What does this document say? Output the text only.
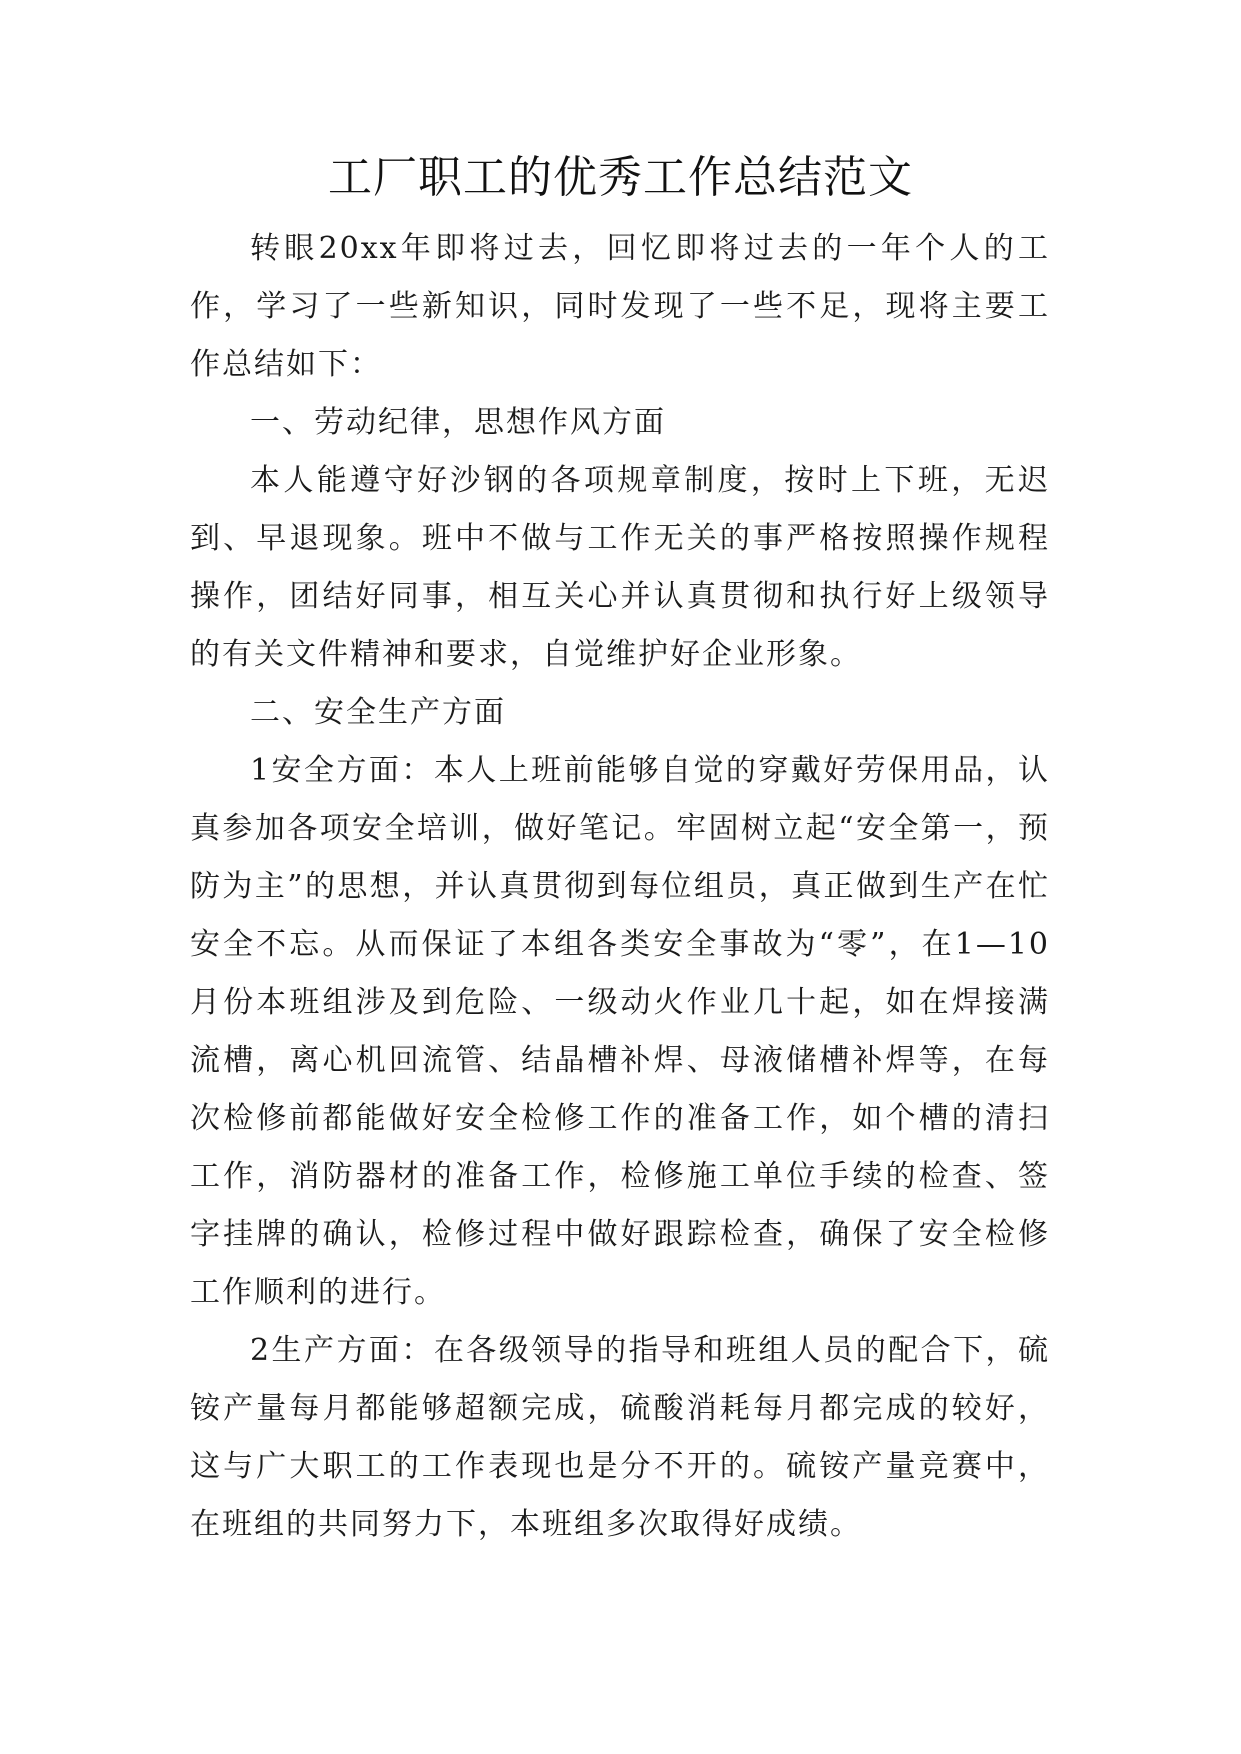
工厂职工的优秀工作总结范文

转眼20xx年即将过去，回忆即将过去的一年个人的工作，学习了一些新知识，同时发现了一些不足，现将主要工作总结如下：

一、劳动纪律，思想作风方面

本人能遵守好沙钢的各项规章制度，按时上下班，无迟到、早退现象。班中不做与工作无关的事严格按照操作规程操作，团结好同事，相互关心并认真贯彻和执行好上级领导的有关文件精神和要求，自觉维护好企业形象。

二、安全生产方面

1安全方面：本人上班前能够自觉的穿戴好劳保用品，认真参加各项安全培训，做好笔记。牢固树立起“安全第一，预防为主”的思想，并认真贯彻到每位组员，真正做到生产在忙安全不忘。从而保证了本组各类安全事故为“零”，在1—10月份本班组涉及到危险、一级动火作业几十起，如在焊接满流槽，离心机回流管、结晶槽补焊、母液储槽补焊等，在每次检修前都能做好安全检修工作的准备工作，如个槽的清扫工作，消防器材的准备工作，检修施工单位手续的检查、签字挂牌的确认，检修过程中做好跟踪检查，确保了安全检修工作顺利的进行。

2生产方面：在各级领导的指导和班组人员的配合下，硫铵产量每月都能够超额完成，硫酸消耗每月都完成的较好，这与广大职工的工作表现也是分不开的。硫铵产量竞赛中，在班组的共同努力下，本班组多次取得好成绩。
